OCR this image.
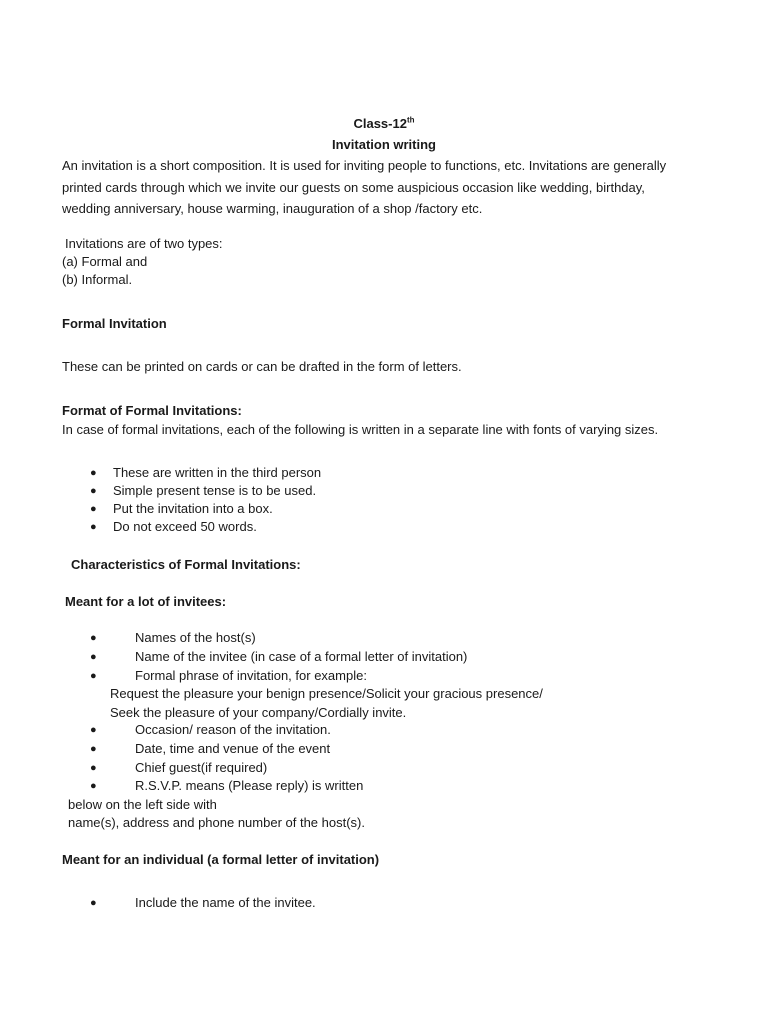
Class-12th
Invitation writing
An invitation is a short composition. It is used for inviting people to functions, etc. Invitations are generally
printed cards through which we invite our guests on some auspicious occasion like wedding, birthday,
wedding anniversary, house warming, inauguration of a shop /factory etc.
Invitations are of two types:
(a) Formal and
(b) Informal.
Formal Invitation
These can be printed on cards or can be drafted in the form of letters.
Format of Formal Invitations:
In case of formal invitations, each of the following is written in a separate line with fonts of varying sizes.
● These are written in the third person
● Simple present tense is to be used.
● Put the invitation into a box.
● Do not exceed 50 words.
Characteristics of Formal Invitations:
Meant for a lot of invitees:
●	Names of the host(s)
●	Name of the invitee (in case of a formal letter of invitation)
●	Formal phrase of invitation, for example:
Request the pleasure your benign presence/Solicit your gracious presence/
Seek the pleasure of your company/Cordially invite.
●	Occasion/ reason of the invitation.
●	Date, time and venue of the event
●	Chief guest(if required)
●	R.S.V.P. means (Please reply) is written
below on the left side with
name(s), address and phone number of the host(s).
Meant for an individual (a formal letter of invitation)
●	Include the name of the invitee.
